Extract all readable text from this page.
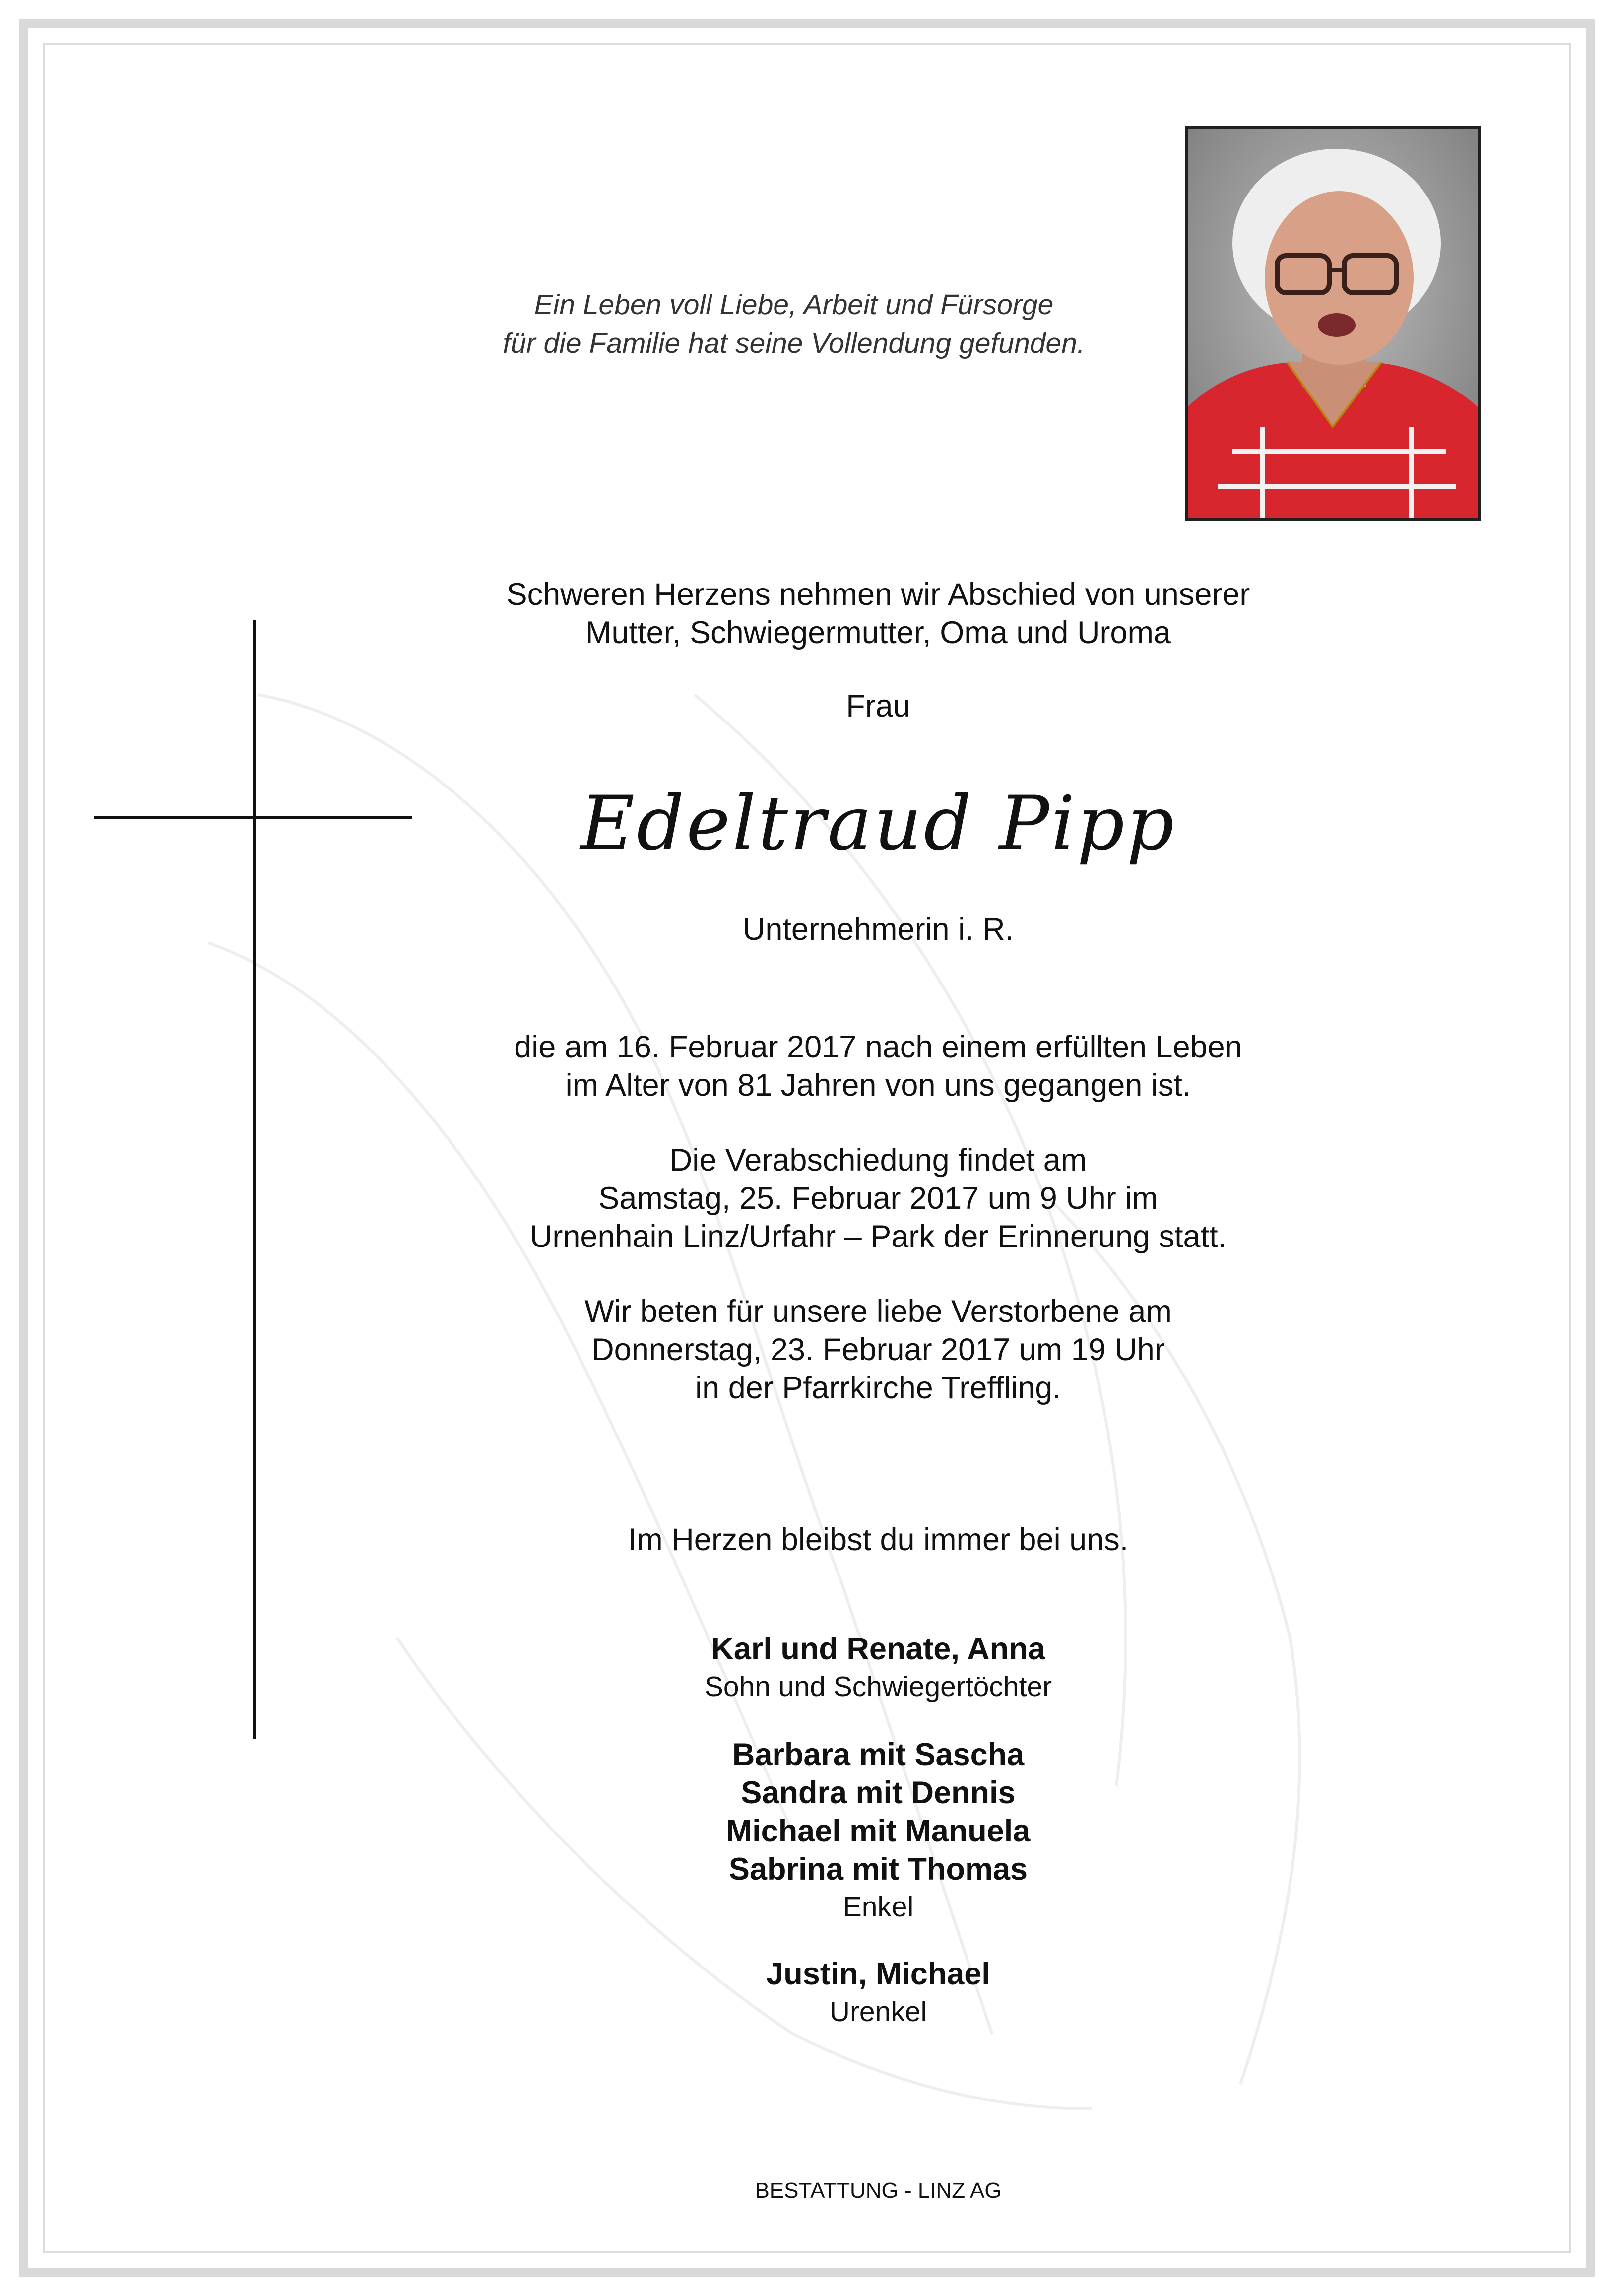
Ein Leben voll Liebe, Arbeit und Fürsorge
für die Familie hat seine Vollendung gefunden.
Schweren Herzens nehmen wir Abschied von unserer
Mutter, Schwiegermutter, Oma und Uroma
Frau
Edeltraud Pipp
Unternehmerin i. R.
die am 16. Februar 2017 nach einem erfüllten Leben
im Alter von 81 Jahren von uns gegangen ist.
Die Verabschiedung findet am
Samstag, 25. Februar 2017 um 9 Uhr im
Urnenhain Linz/Urfahr – Park der Erinnerung statt.
Wir beten für unsere liebe Verstorbene am
Donnerstag, 23. Februar 2017 um 19 Uhr
in der Pfarrkirche Treffling.
Im Herzen bleibst du immer bei uns.
Karl und Renate, Anna
Sohn und Schwiegertöchter
Barbara mit Sascha
Sandra mit Dennis
Michael mit Manuela
Sabrina mit Thomas
Enkel
Justin, Michael
Urenkel
BESTATTUNG - LINZ AG
